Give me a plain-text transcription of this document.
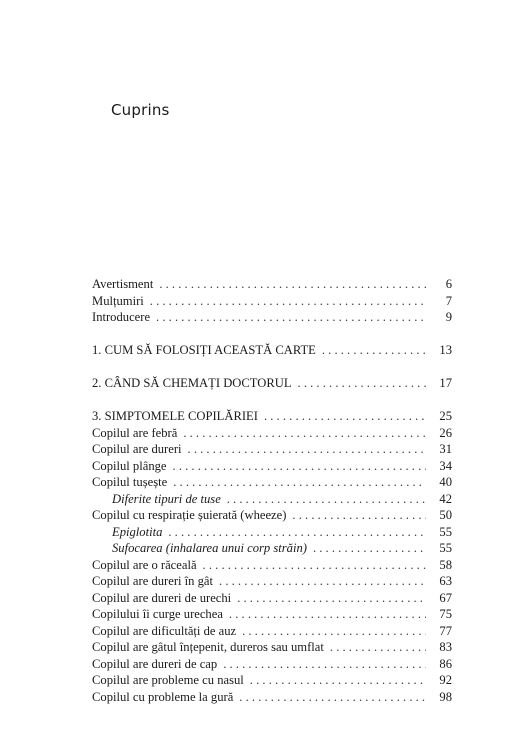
Cuprins
Avertisment . . .	6
Mulțumiri . . .	7
Introducere . . .	9
1. CUM SĂ FOLOSIȚI ACEASTĂ CARTE . . .	13
2. CÂND SĂ CHEMAȚI DOCTORUL . . .	17
3. SIMPTOMELE COPILĂRIEI . . .	25
Copilul are febră . . .	26
Copilul are dureri . . .	31
Copilul plânge . . .	34
Copilul tușește . . .	40
Diferite tipuri de tuse . . .	42
Copilul cu respirație șuierată (wheeze) . . .	50
Epiglotita . . .	55
Sufocarea (inhalarea unui corp străin) . . .	55
Copilul are o răceală . . .	58
Copilul are dureri în gât . . .	63
Copilul are dureri de urechi . . .	67
Copilului îi curge urechea . . .	75
Copilul are dificultăți de auz . . .	77
Copilul are gâtul înțepenit, dureros sau umflat . . .	83
Copilul are dureri de cap . . .	86
Copilul are probleme cu nasul . . .	92
Copilul cu probleme la gură . . .	98
